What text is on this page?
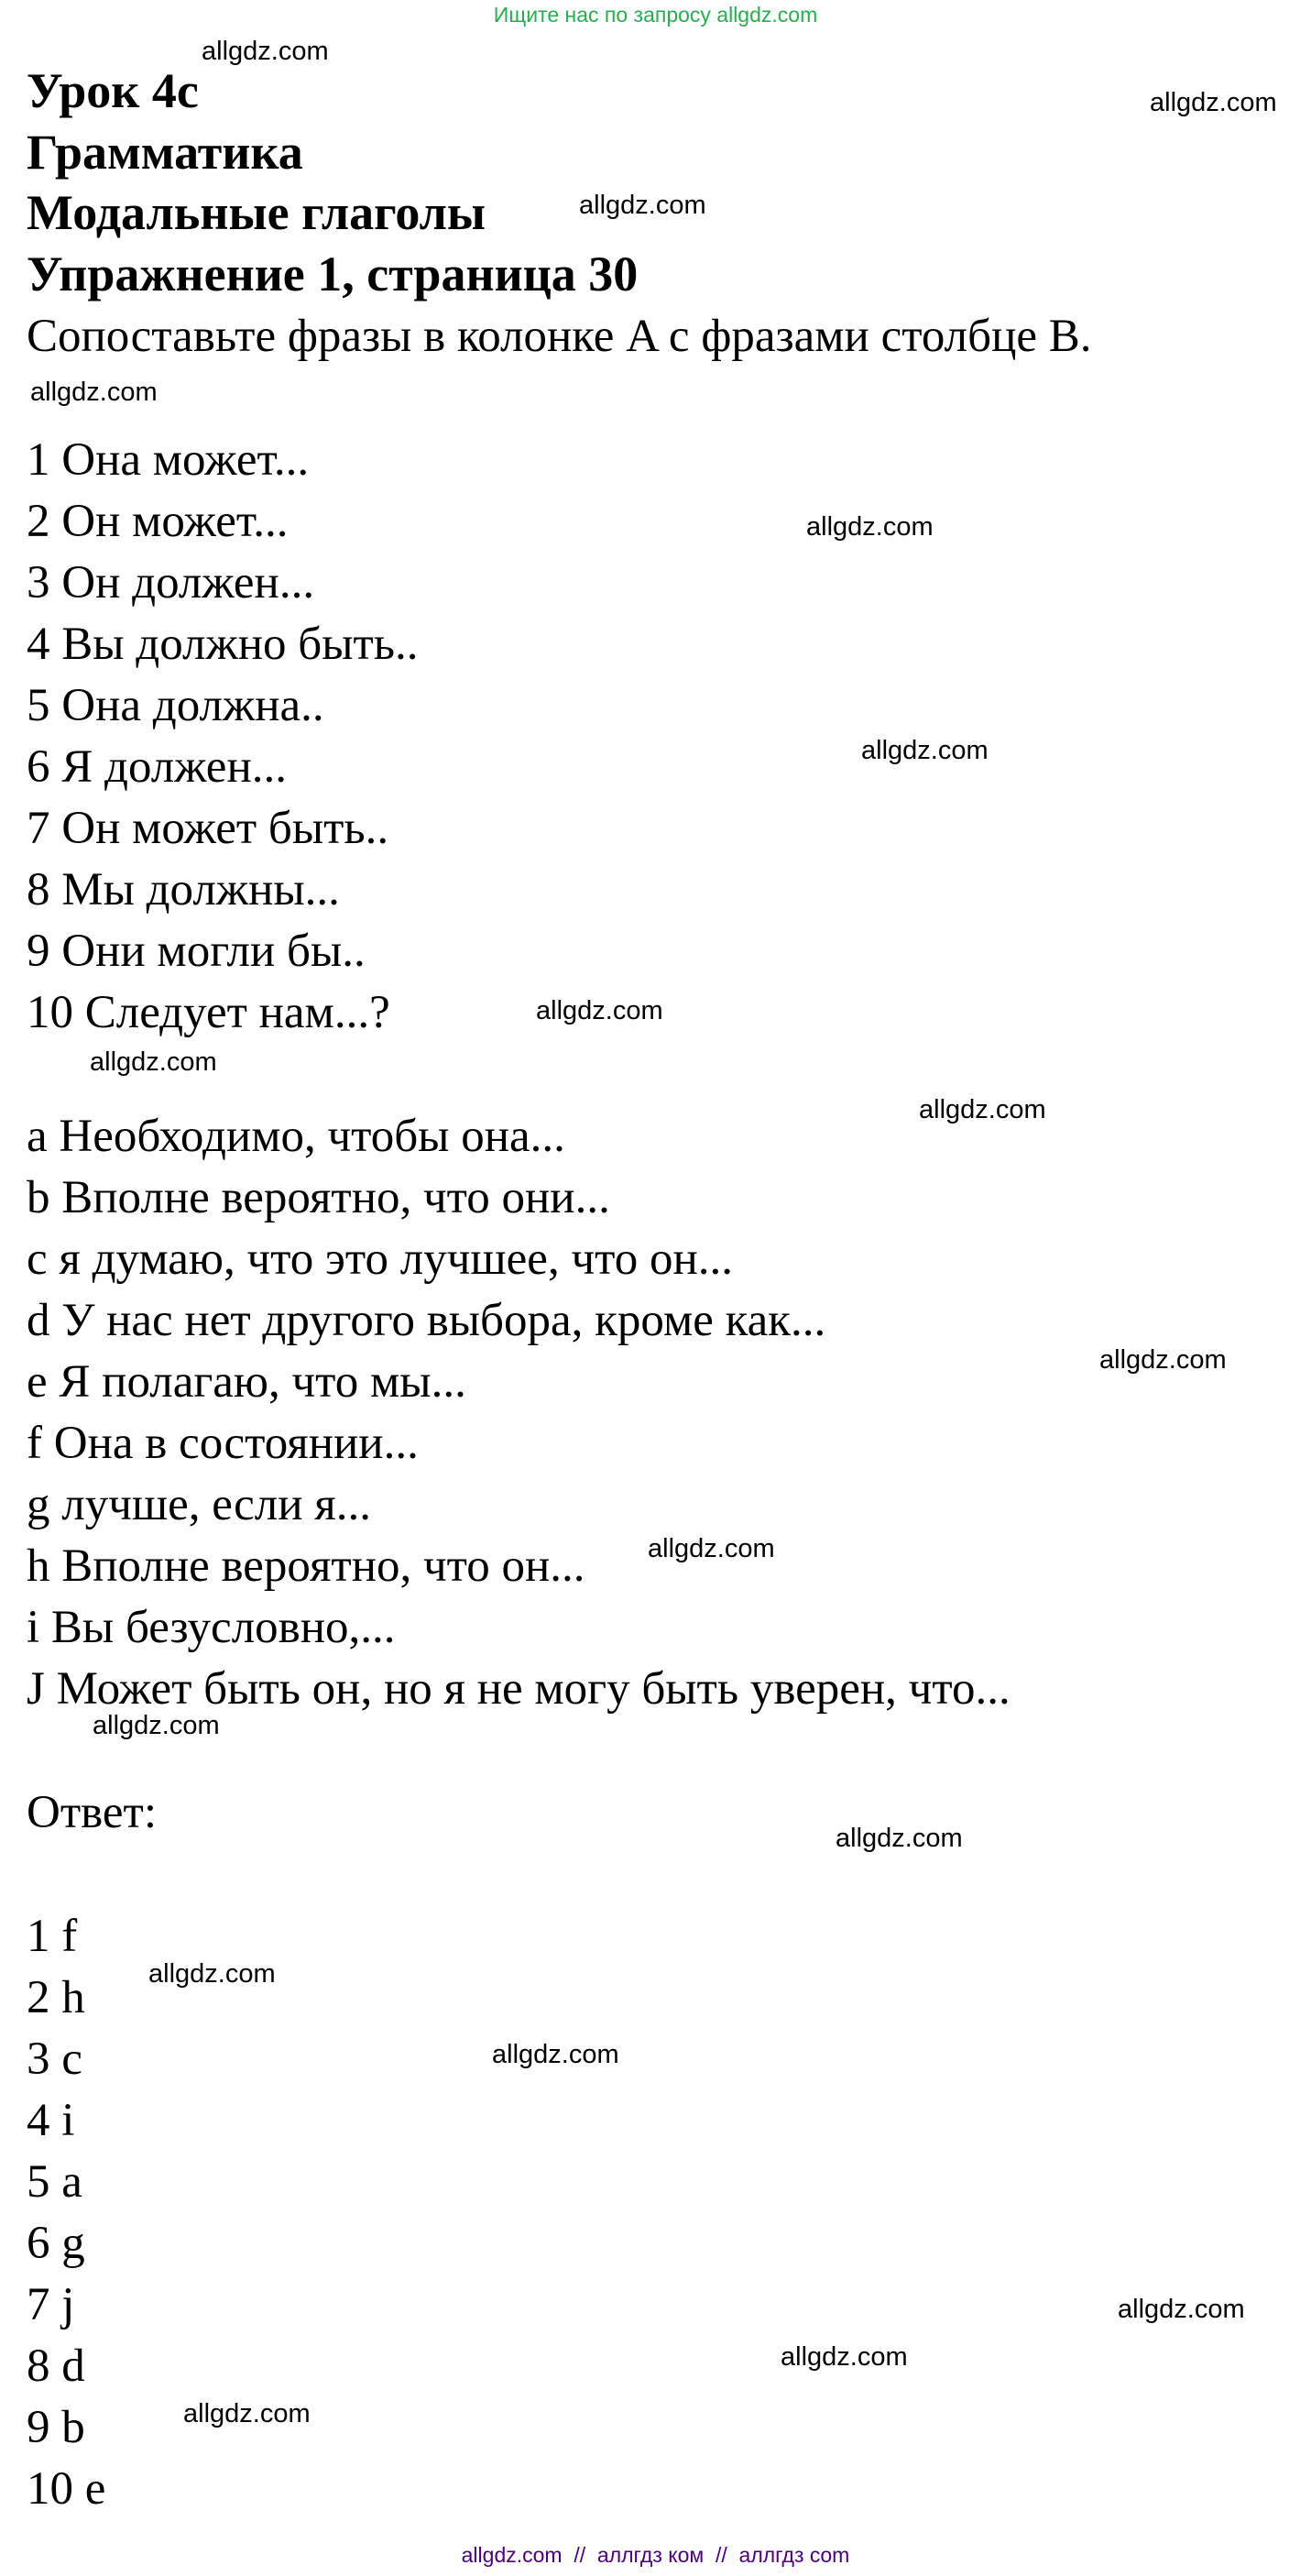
Ищите нас по запросу allgdz.com
Урок 4с
Грамматика
Модальные глаголы
Упражнение 1, страница 30
Сопоставьте фразы в колонке A с фразами столбце B.
1 Она может...
2 Он может...
3 Он должен...
4 Вы должно быть..
5 Она должна..
6 Я должен...
7 Он может быть..
8 Мы должны...
9 Они могли бы..
10 Следует нам...?
a Необходимо, чтобы она...
b Вполне вероятно, что они...
c я думаю, что это лучшее, что он...
d У нас нет другого выбора, кроме как...
e Я полагаю, что мы...
f Она в состоянии...
g лучше, если я...
h Вполне вероятно, что он...
i Вы безусловно,...
J Может быть он, но я не могу быть уверен, что...
Ответ:
1 f
2 h
3 c
4 i
5 a
6 g
7 j
8 d
9 b
10 e
allgdz.com
allgdz.com
allgdz.com
allgdz.com
allgdz.com
allgdz.com
allgdz.com
allgdz.com
allgdz.com
allgdz.com
allgdz.com
allgdz.com
allgdz.com
allgdz.com
allgdz.com
allgdz.com
allgdz.com
allgdz.com
allgdz.com  //  аллгдз ком  //  аллгдз com
